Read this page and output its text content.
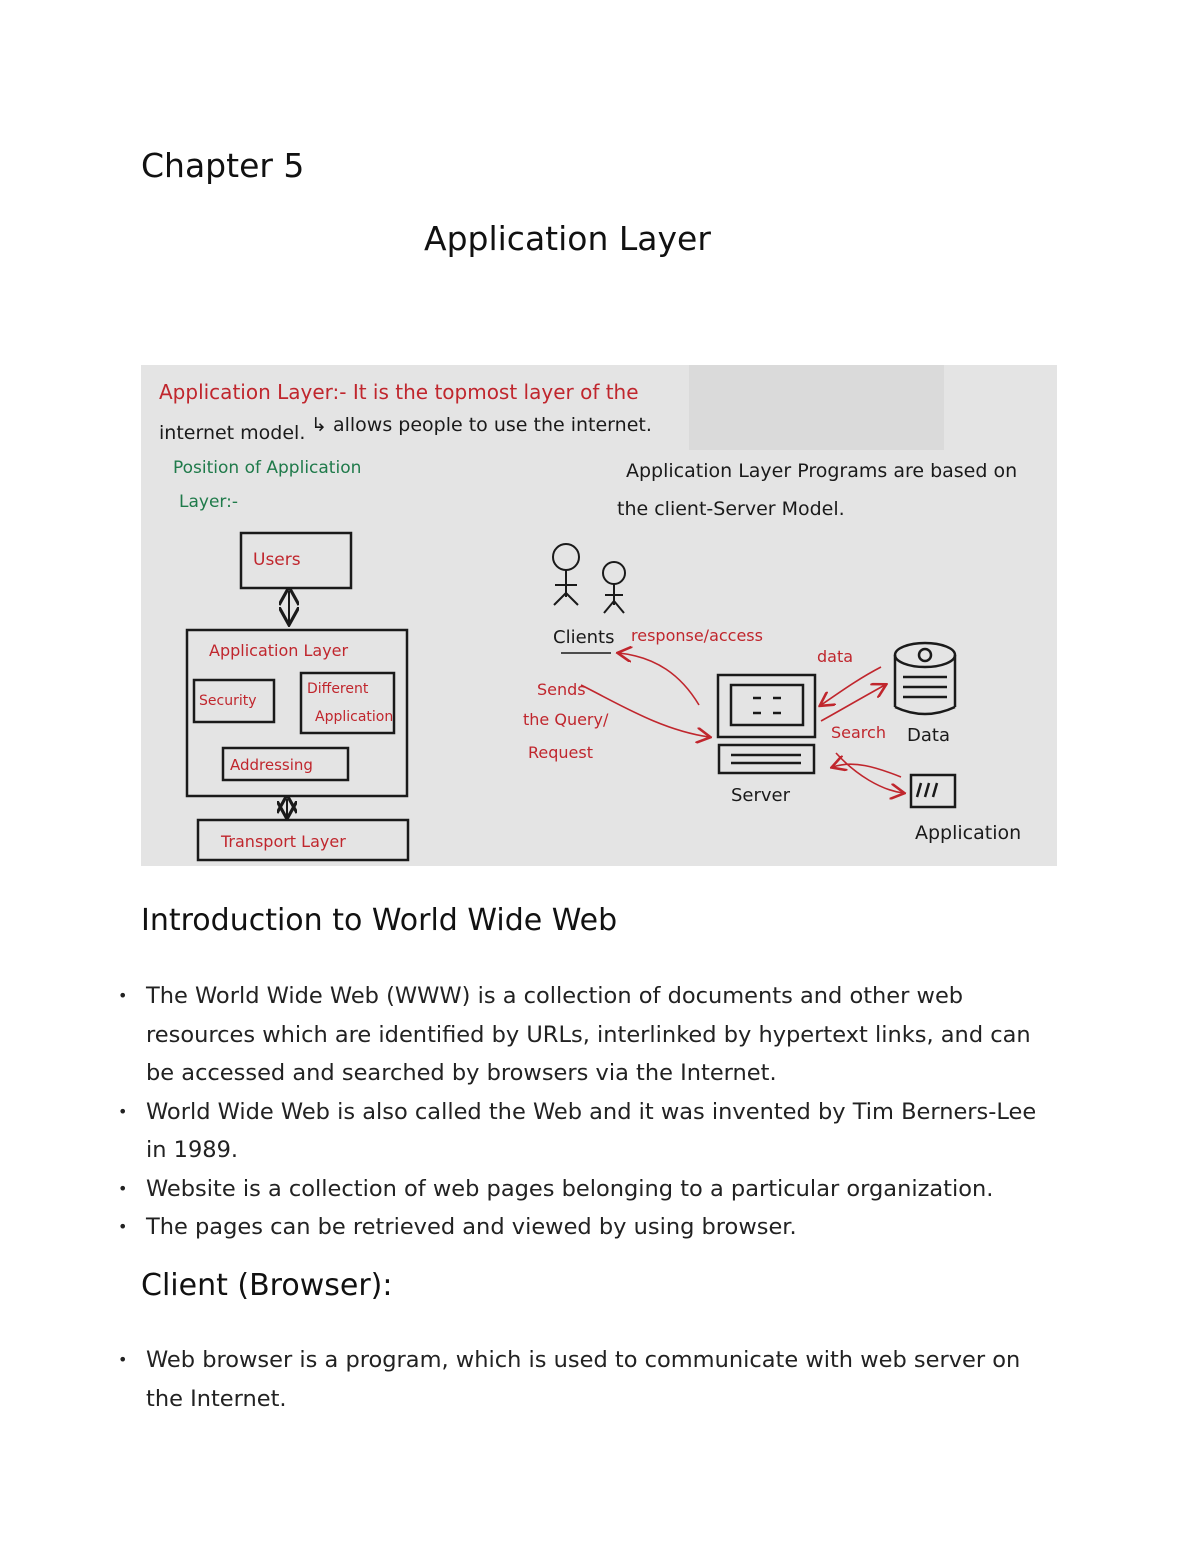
Chapter 5
Application Layer
Application Layer:- It is the topmost layer of the
internet model. ↳ allows people to use the internet.
Position of Application
Layer:-
Users
Application Layer
Security
Different
Application
Addressing
Transport Layer
Application Layer Programs are based on
the client-Server Model.
Clients response/access
Sends
the Query/
Request
Server
data
Search Data
Application
Introduction to World Wide Web
• The World Wide Web (WWW) is a collection of documents and other web resources which are identified by URLs, interlinked by hypertext links, and can be accessed and searched by browsers via the Internet.
• World Wide Web is also called the Web and it was invented by Tim Berners-Lee in 1989.
• Website is a collection of web pages belonging to a particular organization.
• The pages can be retrieved and viewed by using browser.
Client (Browser):
• Web browser is a program, which is used to communicate with web server on the Internet.
